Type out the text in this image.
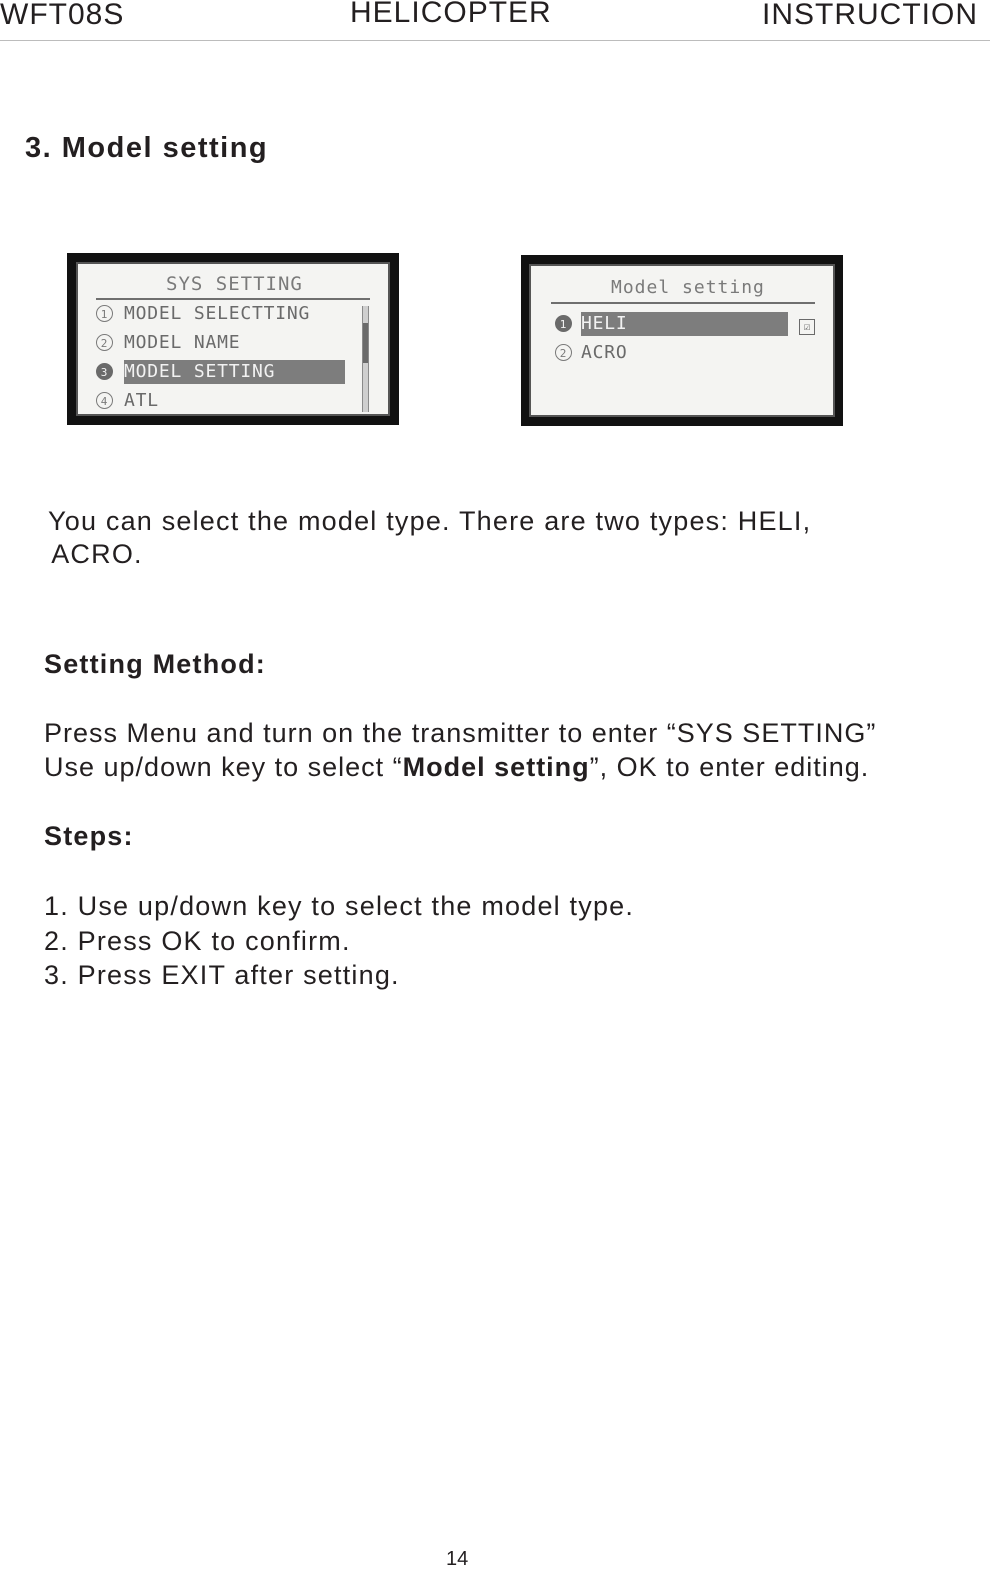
WFT08S	HELICOPTER	INSTRUCTION
3. Model setting
SYS SETTING
1 MODEL SELECTTING
2 MODEL NAME
3 MODEL SETTING
4 ATL
Model setting
1 HELI
2 ACRO
☑
You can select the model type. There are two types: HELI,
ACRO.
Setting Method:
Press Menu and turn on the transmitter to enter “SYS SETTING”
Use up/down key to select “Model setting”, OK to enter editing.
Steps:
1. Use up/down key to select the model type.
2. Press OK to confirm.
3. Press EXIT after setting.
14
